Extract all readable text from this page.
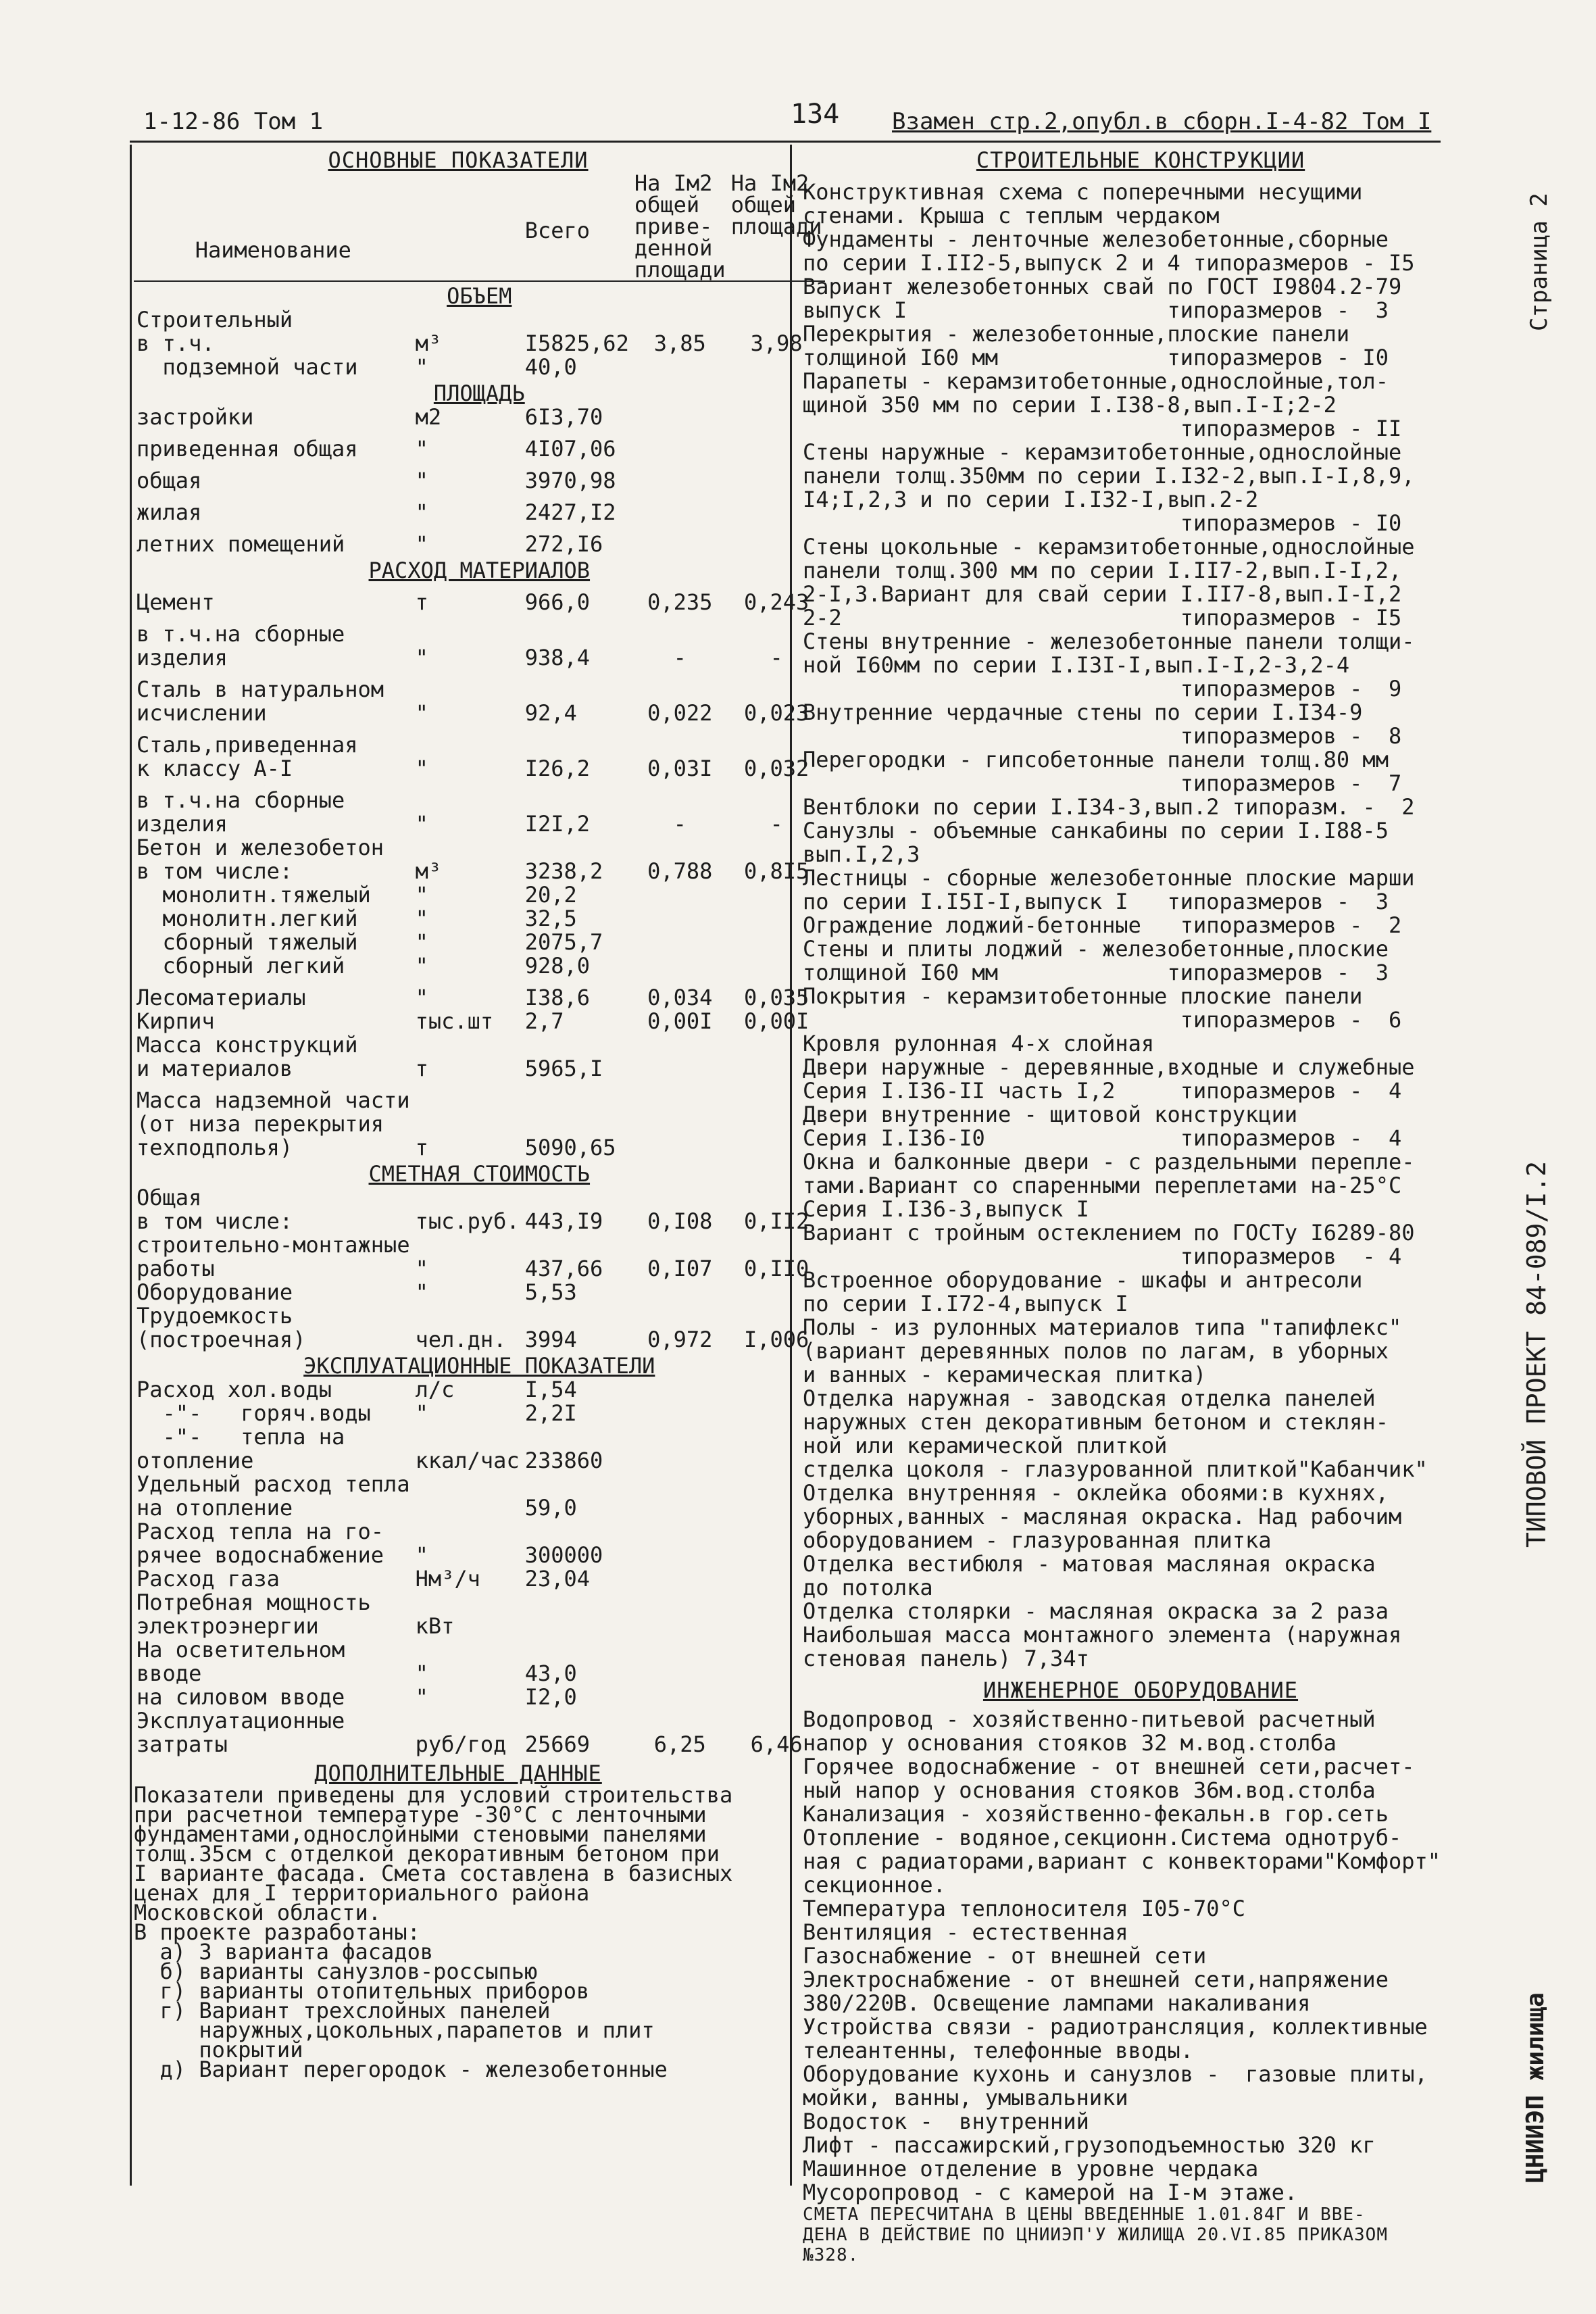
1-12-86 Том 1	134 Взамен стр.2,опубл.в сборн.I-4-82 Том I
ОСНОВНЫЕ ПОКАЗАТЕЛИ
Наименование		Всего	На Iм2
общей
приве-
денной
площади	На Iм2
общей
площади
ОБЪЕМ				
Строительный
в т.ч.	м³	I5825,62	3,85	3,98
подземной части	"	40,0		
ПЛОЩАДЬ				
застройки	м2	6I3,70		
приведенная общая	"	4I07,06		
общая	"	3970,98		
жилая	"	2427,I2		
летних помещений	"	272,I6		
РАСХОД МАТЕРИАЛОВ				
Цемент	т	966,0	0,235	0,243
в т.ч.на сборные
изделия	"	938,4	-	-
Сталь в натуральном
исчислении	"	92,4	0,022	0,023
Сталь,приведенная
к классу А-I	"	I26,2	0,03I	0,032
в т.ч.на сборные
изделия	"	I2I,2	-	-
Бетон и железобетон
в том числе:	м³	3238,2	0,788	0,8I5
монолитн.тяжелый	"	20,2		
монолитн.легкий	"	32,5		
сборный тяжелый	"	2075,7		
сборный легкий	"	928,0		
Лесоматериалы	"	I38,6	0,034	0,035
Кирпич	тыс.шт	2,7	0,00I	0,00I
Масса конструкций
и материалов	т	5965,I		
Масса надземной части
(от низа перекрытия
техподполья)	т	5090,65		
СМЕТНАЯ СТОИМОСТЬ				
Общая
в том числе:	тыс.руб.	443,I9	0,I08	0,II2
строительно-монтажные
работы	"	437,66	0,I07	0,II0
Оборудование	"	5,53		
Трудоемкость
(построечная)	чел.дн.	3994	0,972	I,006
ЭКСПЛУАТАЦИОННЫЕ ПОКАЗАТЕЛИ				
Расход хол.воды	л/с	I,54		
-"-   горяч.воды	"	2,2I		
-"-   тепла на
отопление	ккал/час	233860		
Удельный расход тепла
на отопление		59,0		
Расход тепла на го-
рячее водоснабжение	"	300000		
Расход газа	Нм³/ч	23,04		
Потребная мощность
электроэнергии	кВт			
На осветительном
вводе	"	43,0		
на силовом вводе	"	I2,0		
Эксплуатационные
затраты	руб/год	25669	6,25	6,46
ДОПОЛНИТЕЛЬНЫЕ ДАННЫЕ
Показатели приведены для условий строительства
при расчетной температуре -30°С с ленточными
фундаментами,однослойными стеновыми панелями
толщ.35см с отделкой декоративным бетоном при
I варианте фасада. Смета составлена в базисных
ценах для I территориального района
Московской области.
В проекте разработаны:
а) 3 варианта фасадов
б) варианты санузлов-россыпью
г) варианты отопительных приборов
г) Вариант трехслойных панелей
наружных,цокольных,парапетов и плит
покрытий
д) Вариант перегородок - железобетонные
СТРОИТЕЛЬНЫЕ КОНСТРУКЦИИ
Конструктивная схема с поперечными несущими
стенами. Крыша с теплым чердаком
Фундаменты - ленточные железобетонные,сборные
по серии I.II2-5,выпуск 2 и 4 типоразмеров - I5
Вариант железобетонных свай по ГОСТ I9804.2-79
выпуск I                    типоразмеров -  3
Перекрытия - железобетонные,плоские панели
толщиной I60 мм             типоразмеров - I0
Парапеты - керамзитобетонные,однослойные,тол-
щиной 350 мм по серии I.I38-8,вып.I-I;2-2
типоразмеров - II
Стены наружные - керамзитобетонные,однослойные
панели толщ.350мм по серии I.I32-2,вып.I-I,8,9,
I4;I,2,3 и по серии I.I32-I,вып.2-2
типоразмеров - I0
Стены цокольные - керамзитобетонные,однослойные
панели толщ.300 мм по серии I.II7-2,вып.I-I,2,
2-I,3.Вариант для свай серии I.II7-8,вып.I-I,2
2-2                          типоразмеров - I5
Стены внутренние - железобетонные панели толщи-
ной I60мм по серии I.I3I-I,вып.I-I,2-3,2-4
типоразмеров -  9
Внутренние чердачные стены по серии I.I34-9
типоразмеров -  8
Перегородки - гипсобетонные панели толщ.80 мм
типоразмеров -  7
Вентблоки по серии I.I34-3,вып.2 типоразм. -  2
Санузлы - объемные санкабины по серии I.I88-5
вып.I,2,3
Лестницы - сборные железобетонные плоские марши
по серии I.I5I-I,выпуск I   типоразмеров -  3
Ограждение лоджий-бетонные   типоразмеров -  2
Стены и плиты лоджий - железобетонные,плоские
толщиной I60 мм             типоразмеров -  3
Покрытия - керамзитобетонные плоские панели
типоразмеров -  6
Кровля рулонная 4-х слойная
Двери наружные - деревянные,входные и служебные
Серия I.I36-II часть I,2     типоразмеров -  4
Двери внутренние - щитовой конструкции
Серия I.I36-I0               типоразмеров -  4
Окна и балконные двери - с раздельными переплe-
тами.Вариант со спаренными переплетами на-25°С
Серия I.I36-3,выпуск I
Вариант с тройным остеклением по ГОСТу I6289-80
типоразмеров  - 4
Встроенное оборудование - шкафы и антресоли
по серии I.I72-4,выпуск I
Полы - из рулонных материалов типа "тапифлекс"
(вариант деревянных полов по лагам, в уборных
и ванных - керамическая плитка)
Отделка наружная - заводская отделка панелей
наружных стен декоративным бетоном и стеклян-
ной или керамической плиткой
стделка цоколя - глазурованной плиткой"Кабанчик"
Отделка внутренняя - оклейка обоями:в кухнях,
уборных,ванных - масляная окраска. Над рабочим
оборудованием - глазурованная плитка
Отделка вестибюля - матовая масляная окраска
до потолка
Отделка столярки - масляная окраска за 2 раза
Наибольшая масса монтажного элемента (наружная
стеновая панель) 7,34т
ИНЖЕНЕРНОЕ ОБОРУДОВАНИЕ
Водопровод - хозяйственно-питьевой расчетный
напор у основания стояков 32 м.вод.столба
Горячее водоснабжение - от внешней сети,расчет-
ный напор у основания стояков 36м.вод.столба
Канализация - хозяйственно-фекальн.в гор.сеть
Отопление - водяное,секционн.Система однотруб-
ная с радиаторами,вариант с конвекторами"Комфорт"
секционное.
Температура теплоносителя I05-70°С
Вентиляция - естественная
Газоснабжение - от внешней сети
Электроснабжение - от внешней сети,напряжение
380/220В. Освещение лампами накаливания
Устройства связи - радиотрансляция, коллективные
телеантенны, телефонные вводы.
Оборудование кухонь и санузлов -  газовые плиты,
мойки, ванны, умывальники
Водосток -  внутренний
Лифт - пассажирский,грузоподъемностью 320 кг
Машинное отделение в уровне чердака
Мусоропровод - с камерой на I-м этаже.
СМЕТА ПЕРЕСЧИТАНА В ЦЕНЫ ВВЕДЕННЫЕ 1.01.84Г И ВВЕ-
ДЕНА В ДЕЙСТВИЕ ПО ЦНИИЭП'У ЖИЛИЩА 20.VI.85 ПРИКАЗОМ
№328.
Страница 2
ТИПОВОЙ ПРОЕКТ 84-089/I.2
ЦНИИЭП жилища
